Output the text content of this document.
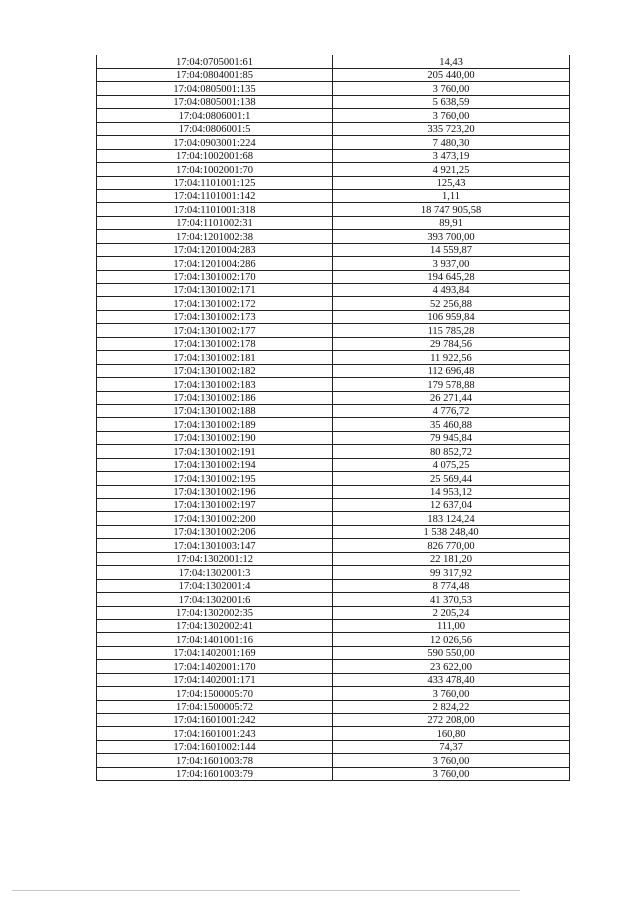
17:04:0705001:61	14,43
17:04:0804001:85	205 440,00
17:04:0805001:135	3 760,00
17:04:0805001:138	5 638,59
17:04:0806001:1	3 760,00
17:04:0806001:5	335 723,20
17:04:0903001:224	7 480,30
17:04:1002001:68	3 473,19
17:04:1002001:70	4 921,25
17:04:1101001:125	125,43
17:04:1101001:142	1,11
17:04:1101001:318	18 747 905,58
17:04:1101002:31	89,91
17:04:1201002:38	393 700,00
17:04:1201004:283	14 559,87
17:04:1201004:286	3 937,00
17:04:1301002:170	194 645,28
17:04:1301002:171	4 493,84
17:04:1301002:172	52 256,88
17:04:1301002:173	106 959,84
17:04:1301002:177	115 785,28
17:04:1301002:178	29 784,56
17:04:1301002:181	11 922,56
17:04:1301002:182	112 696,48
17:04:1301002:183	179 578,88
17:04:1301002:186	26 271,44
17:04:1301002:188	4 776,72
17:04:1301002:189	35 460,88
17:04:1301002:190	79 945,84
17:04:1301002:191	80 852,72
17:04:1301002:194	4 075,25
17:04:1301002:195	25 569,44
17:04:1301002:196	14 953,12
17:04:1301002:197	12 637,04
17:04:1301002:200	183 124,24
17:04:1301002:206	1 538 248,40
17:04:1301003:147	826 770,00
17:04:1302001:12	22 181,20
17:04:1302001:3	99 317,92
17:04:1302001:4	8 774,48
17:04:1302001:6	41 370,53
17:04:1302002:35	2 205,24
17:04:1302002:41	111,00
17:04:1401001:16	12 026,56
17:04:1402001:169	590 550,00
17:04:1402001:170	23 622,00
17:04:1402001:171	433 478,40
17:04:1500005:70	3 760,00
17:04:1500005:72	2 824,22
17:04:1601001:242	272 208,00
17:04:1601001:243	160,80
17:04:1601002:144	74,37
17:04:1601003:78	3 760,00
17:04:1601003:79	3 760,00
